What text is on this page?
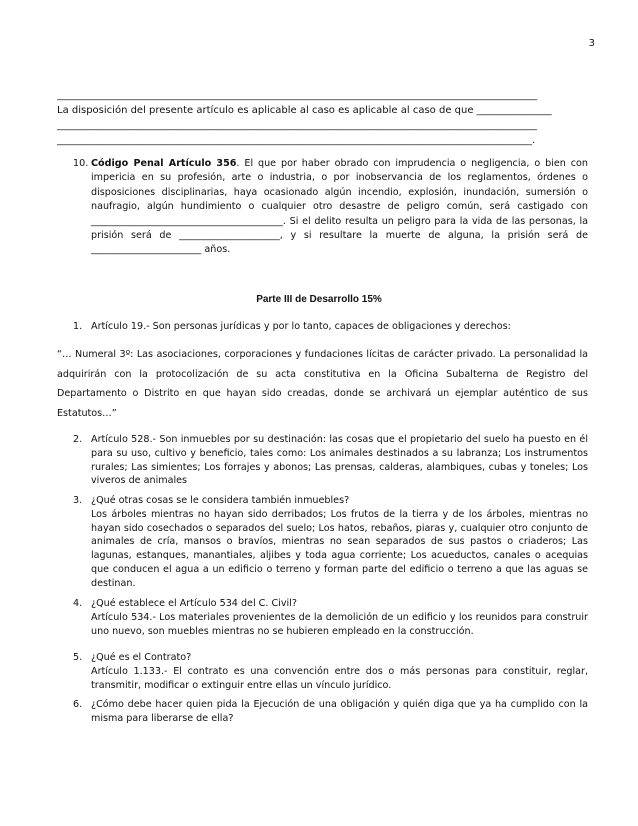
3
________________________________________________________________________________________________
La disposición del presente artículo es aplicable al caso es aplicable al caso de que _______________
________________________________________________________________________________________________
_______________________________________________________________________________________________.
10. Código Penal Artículo 356. El que por haber obrado con imprudencia o negligencia, o bien con impericia en su profesión, arte o industria, o por inobservancia de los reglamentos, órdenes o disposiciones disciplinarias, haya ocasionado algún incendio, explosión, inundación, sumersión o naufragio, algún hundimiento o cualquier otro desastre de peligro común, será castigado con ________________________________________. Si el delito resulta un peligro para la vida de las personas, la prisión será de _____________________, y si resultare la muerte de alguna, la prisión será de _______________________ años.
Parte III de Desarrollo 15%
1. Artículo 19.- Son personas jurídicas y por lo tanto, capaces de obligaciones y derechos:
“… Numeral 3º: Las asociaciones, corporaciones y fundaciones lícitas de carácter privado. La personalidad la adquirirán con la protocolización de su acta constitutiva en la Oficina Subalterna de Registro del Departamento o Distrito en que hayan sido creadas, donde se archivará un ejemplar auténtico de sus Estatutos…”
2. Artículo 528.- Son inmuebles por su destinación: las cosas que el propietario del suelo ha puesto en él para su uso, cultivo y beneficio, tales como: Los animales destinados a su labranza; Los instrumentos rurales; Las simientes; Los forrajes y abonos; Las prensas, calderas, alambiques, cubas y toneles; Los viveros de animales
3. ¿Qué otras cosas se le considera también inmuebles?
Los árboles mientras no hayan sido derribados; Los frutos de la tierra y de los árboles, mientras no hayan sido cosechados o separados del suelo; Los hatos, rebaños, piaras y, cualquier otro conjunto de animales de cría, mansos o bravíos, mientras no sean separados de sus pastos o criaderos; Las lagunas, estanques, manantiales, aljibes y toda agua corriente; Los acueductos, canales o acequias que conducen el agua a un edificio o terreno y forman parte del edificio o terreno a que las aguas se destinan.
4. ¿Qué establece el Artículo 534 del C. Civil?
Artículo 534.- Los materiales provenientes de la demolición de un edificio y los reunidos para construir uno nuevo, son muebles mientras no se hubieren empleado en la construcción.
5. ¿Qué es el Contrato?
Artículo 1.133.- El contrato es una convención entre dos o más personas para constituir, reglar, transmitir, modificar o extinguir entre ellas un vínculo jurídico.
6. ¿Cómo debe hacer quien pida la Ejecución de una obligación y quién diga que ya ha cumplido con la misma para liberarse de ella?
